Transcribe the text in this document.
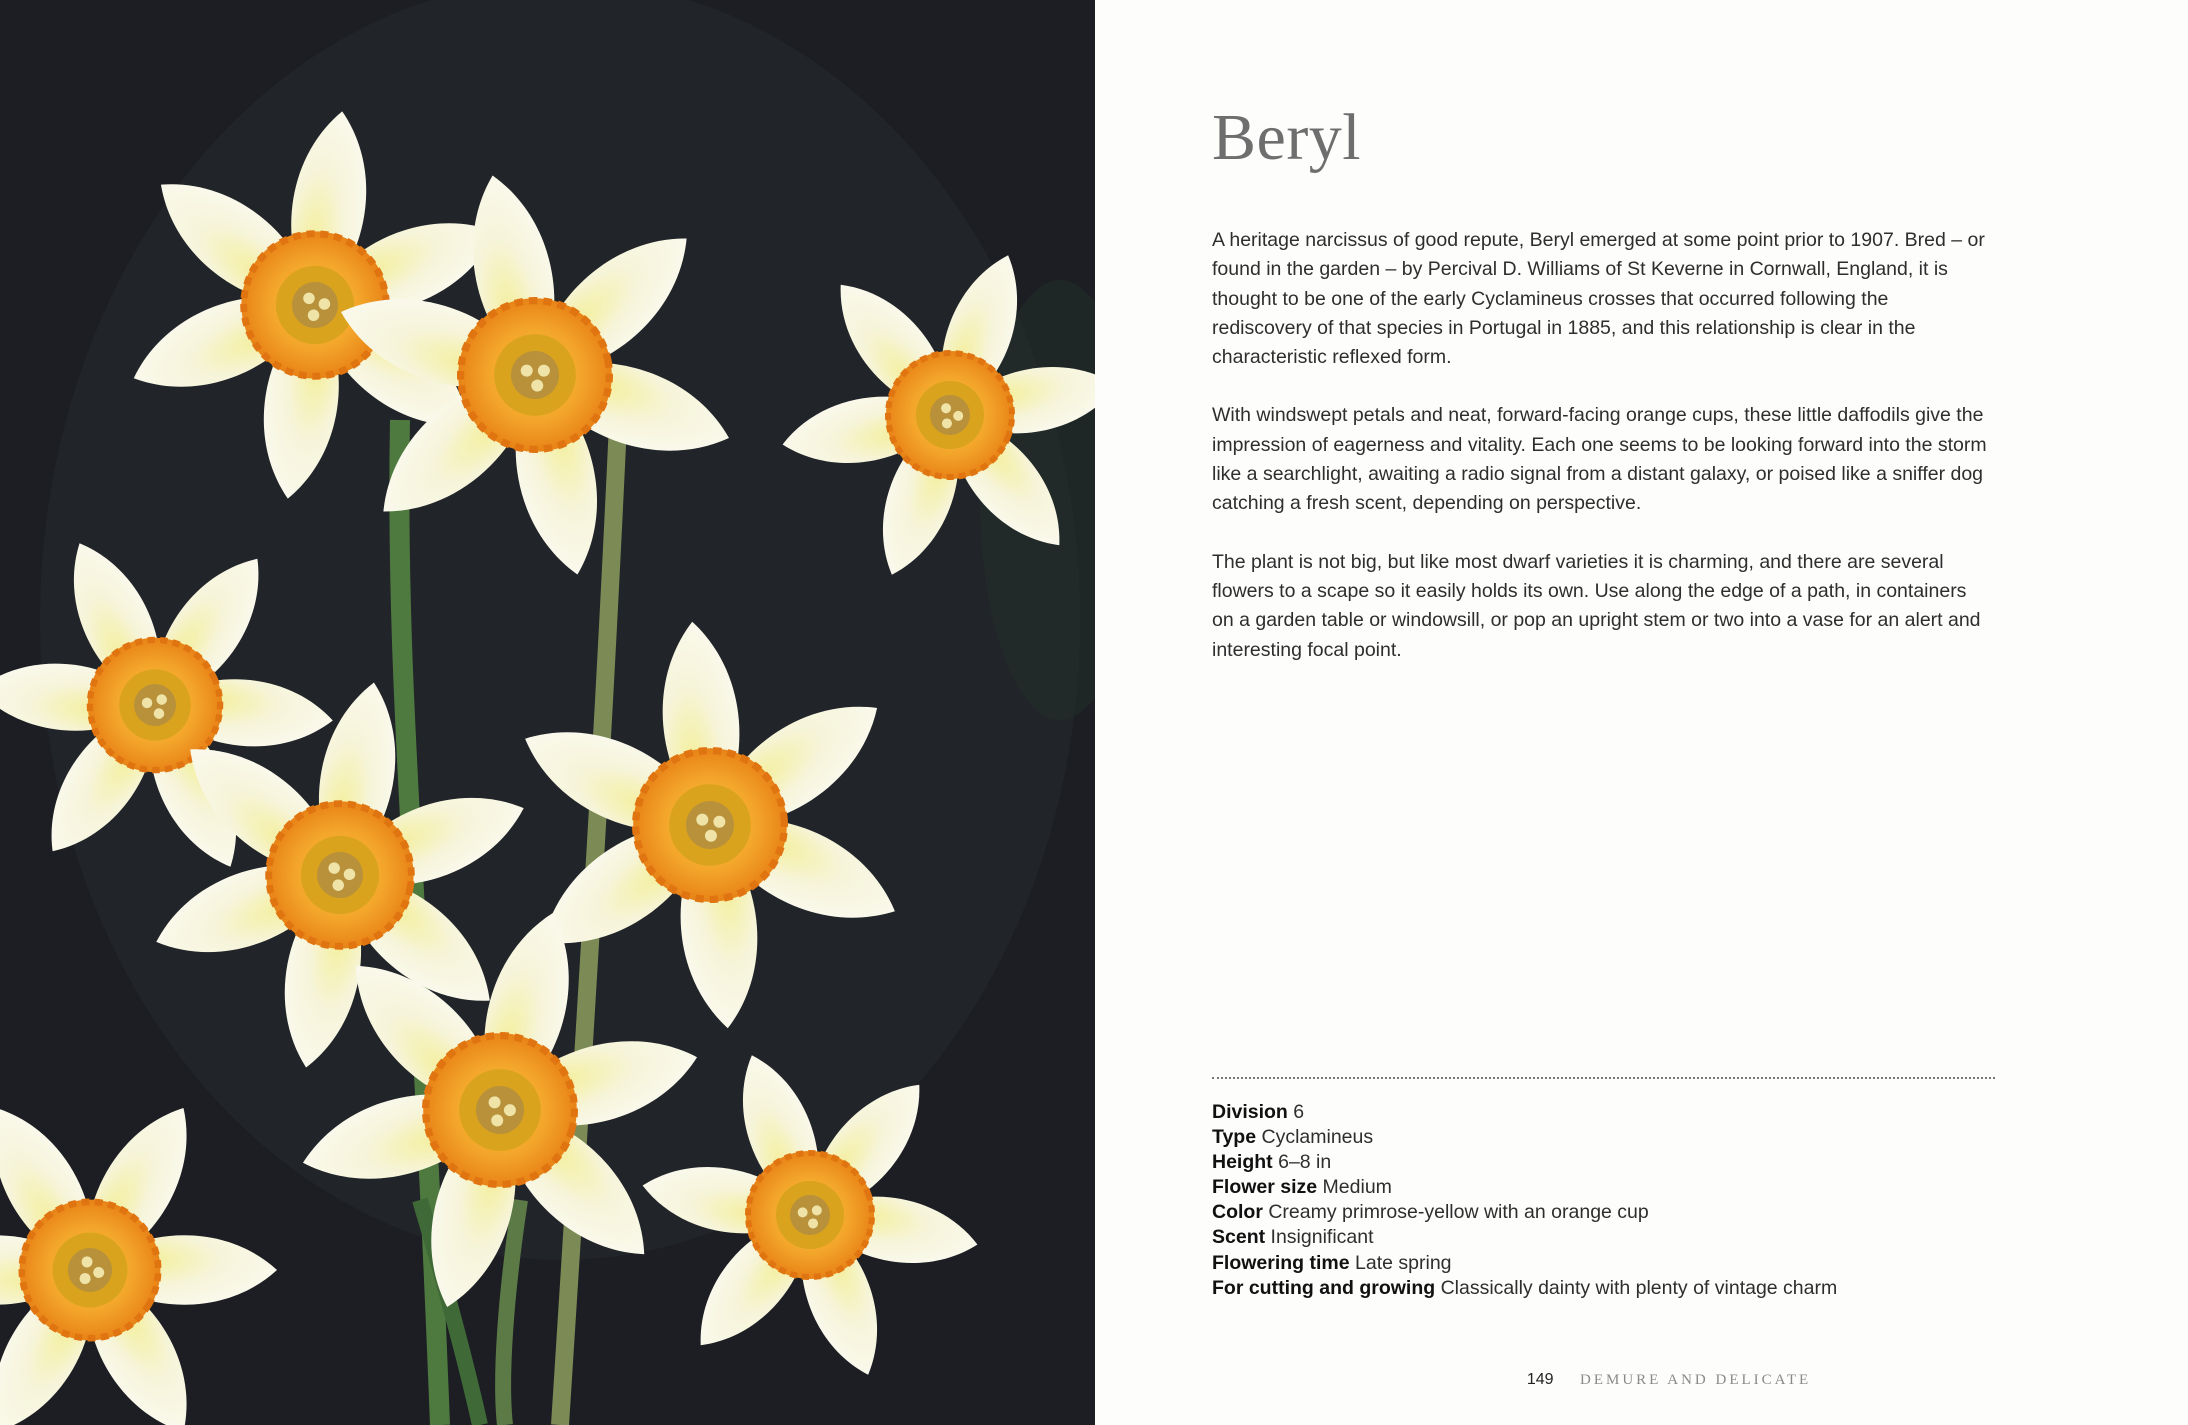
Beryl

A heritage narcissus of good repute, Beryl emerged at some point prior to 1907. Bred – or found in the garden – by Percival D. Williams of St Keverne in Cornwall, England, it is thought to be one of the early Cyclamineus crosses that occurred following the rediscovery of that species in Portugal in 1885, and this relationship is clear in the characteristic reflexed form.

With windswept petals and neat, forward-facing orange cups, these little daffodils give the impression of eagerness and vitality. Each one seems to be looking forward into the storm like a searchlight, awaiting a radio signal from a distant galaxy, or poised like a sniffer dog catching a fresh scent, depending on perspective.

The plant is not big, but like most dwarf varieties it is charming, and there are several flowers to a scape so it easily holds its own. Use along the edge of a path, in containers on a garden table or windowsill, or pop an upright stem or two into a vase for an alert and interesting focal point.

Division 6
Type Cyclamineus
Height 6–8 in
Flower size Medium
Color Creamy primrose-yellow with an orange cup
Scent Insignificant
Flowering time Late spring
For cutting and growing Classically dainty with plenty of vintage charm
149 DEMURE AND DELICATE
